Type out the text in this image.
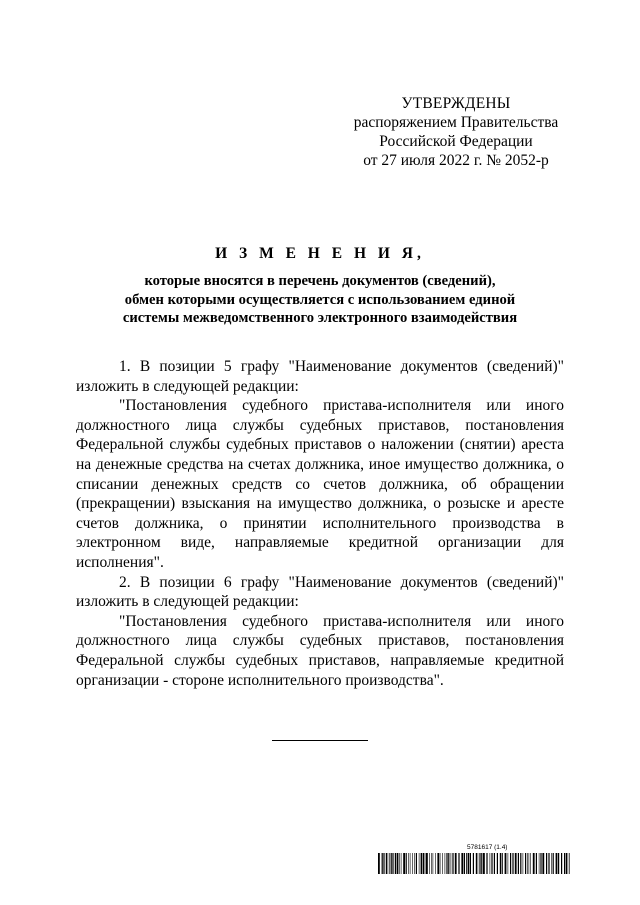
УТВЕРЖДЕНЫ
распоряжением Правительства
Российской Федерации
от 27 июля 2022 г. № 2052-р
И З М Е Н Е Н И Я,
которые вносятся в перечень документов (сведений),
обмен которыми осуществляется с использованием единой
системы межведомственного электронного взаимодействия

1. В позиции 5 графу "Наименование документов (сведений)" изложить в следующей редакции:

"Постановления судебного пристава-исполнителя или иного должностного лица службы судебных приставов, постановления Федеральной службы судебных приставов о наложении (снятии) ареста на денежные средства на счетах должника, иное имущество должника, о списании денежных средств со счетов должника, об обращении (прекращении) взыскания на имущество должника, о розыске и аресте счетов должника, о принятии исполнительного производства в электронном виде, направляемые кредитной организации для исполнения".

2. В позиции 6 графу "Наименование документов (сведений)" изложить в следующей редакции:

"Постановления судебного пристава-исполнителя или иного должностного лица службы судебных приставов, постановления Федеральной службы судебных приставов, направляемые кредитной организации - стороне исполнительного производства".

5781617 (1.4)
